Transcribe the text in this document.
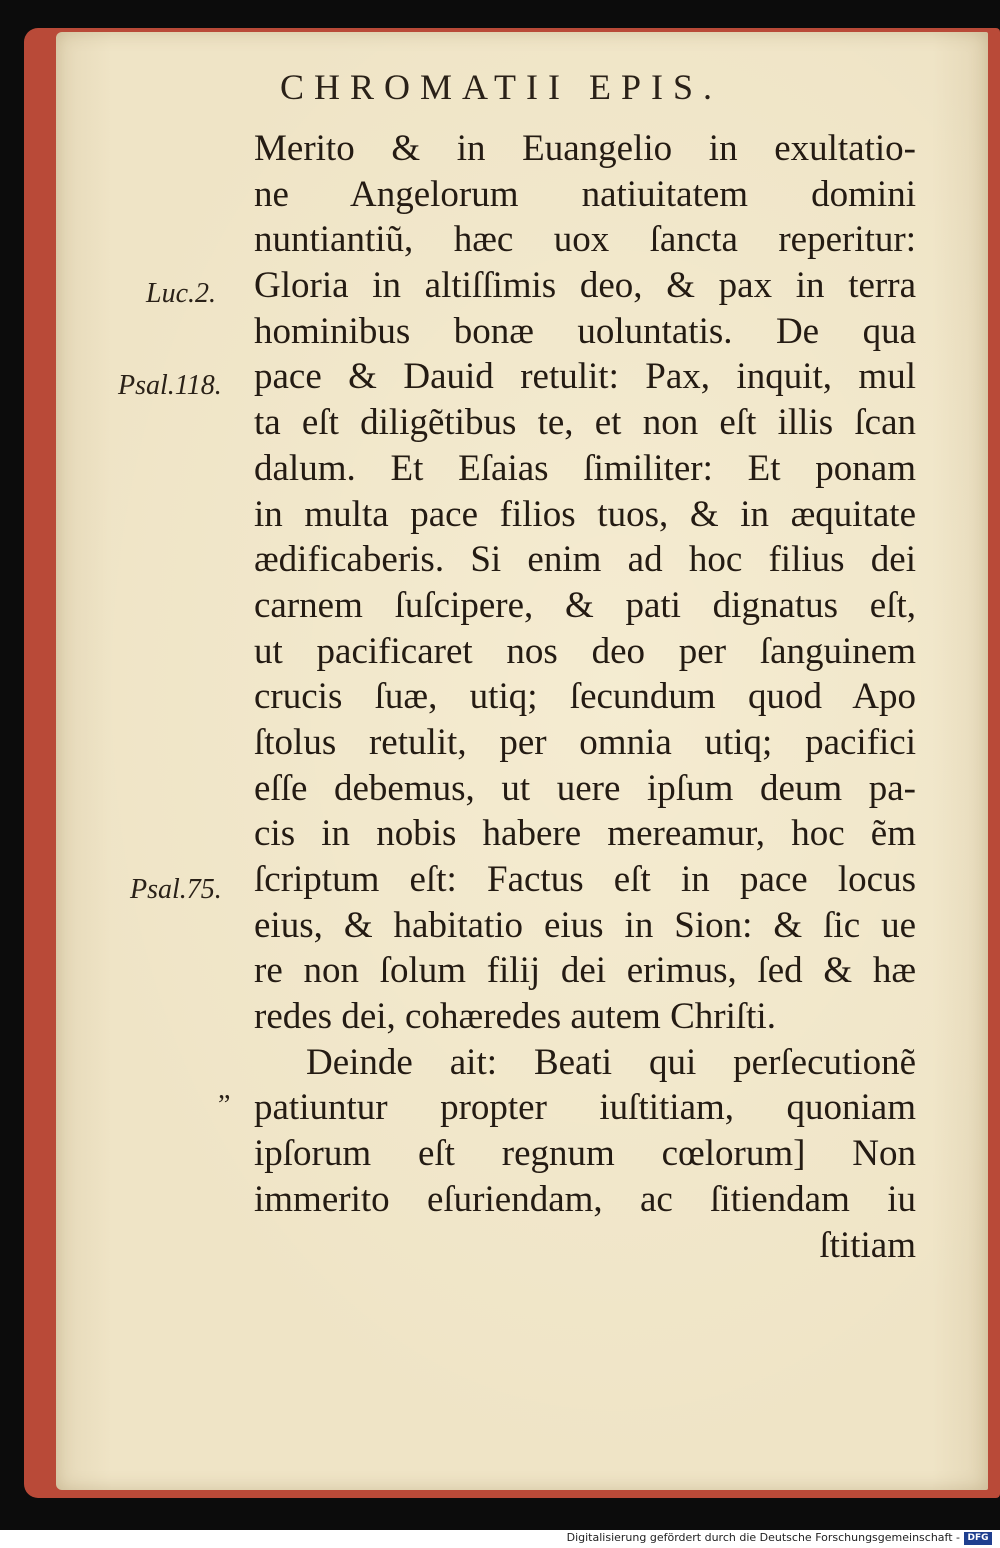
CHROMATII EPIS.
Luc.2.
Psal.118.
Psal.75.
”
Merito & in Euangelio in exultatio-
ne Angelorum natiuitatem domini
nuntiantiũ, hæc uox ſancta reperitur:
Gloria in altiſſimis deo, & pax in terra
hominibus bonæ uoluntatis. De qua
pace & Dauid retulit: Pax, inquit, mul
ta eſt diligẽtibus te, et non eſt illis ſcan
dalum. Et Eſaias ſimiliter: Et ponam
in multa pace filios tuos, & in æquitate
ædificaberis. Si enim ad hoc filius dei
carnem ſuſcipere, & pati dignatus eſt,
ut pacificaret nos deo per ſanguinem
crucis ſuæ, utiq; ſecundum quod Apo
ſtolus retulit, per omnia utiq; pacifici
eſſe debemus, ut uere ipſum deum pa-
cis in nobis habere mereamur, hoc ẽm
ſcriptum eſt: Factus eſt in pace locus
eius, & habitatio eius in Sion: & ſic ue
re non ſolum filij dei erimus, ſed & hæ
redes dei, cohæredes autem Chriſti.
Deinde ait: Beati qui perſecutionẽ
patiuntur propter iuſtitiam, quoniam
ipſorum eſt regnum cœlorum] Non
immerito eſuriendam, ac ſitiendam iu
ſtitiam
Digitalisierung gefördert durch die Deutsche Forschungsgemeinschaft - DFG
